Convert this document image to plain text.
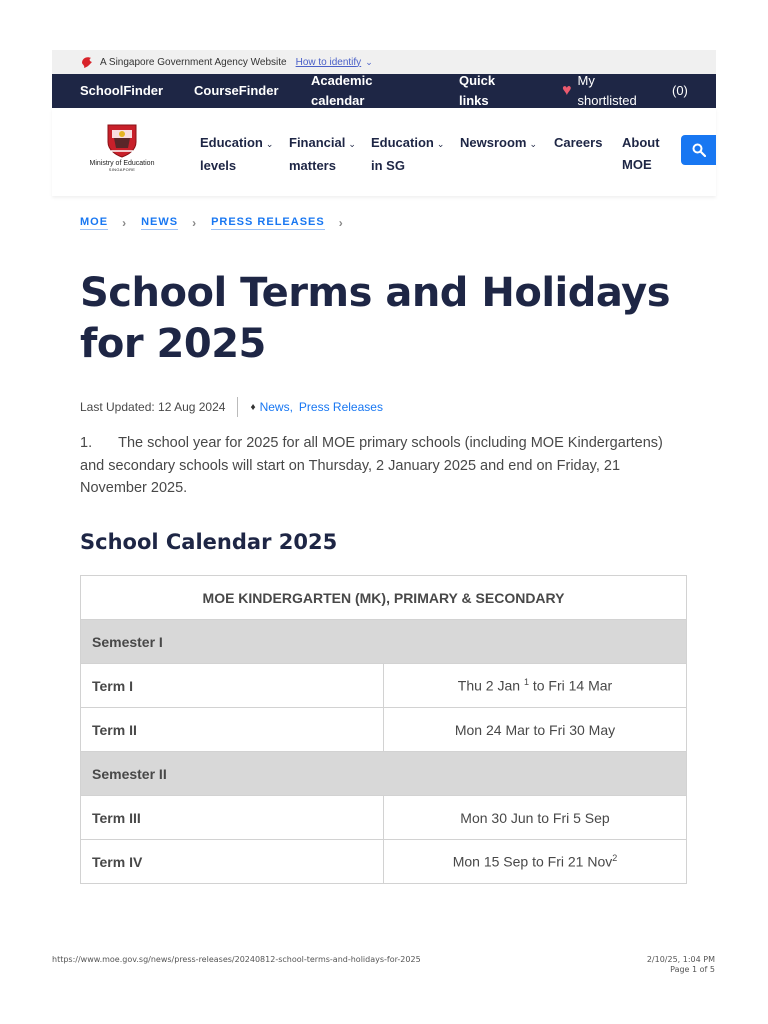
A Singapore Government Agency Website How to identify ⌄
SchoolFinder CourseFinder
Academic
calendar
Quick
links
♥
My
shortlisted
(0)
Ministry of Education
SINGAPORE
Education ⌄
levels
Financial ⌄
matters
Education ⌄
in SG
Newsroom ⌄ Careers About
MOE
MOE › NEWS › PRESS RELEASES ›
School Terms and Holidays
for 2025
Last Updated: 12 Aug 2024	♦ News, Press Releases

1. The school year for 2025 for all MOE primary schools (including MOE Kindergartens) and secondary schools will start on Thursday, 2 January 2025 and end on Friday, 21 November 2025.

School Calendar 2025
MOE KINDERGARTEN (MK), PRIMARY & SECONDARY	
Semester I	
Term I	Thu 2 Jan $^1$ to Fri 14 Mar
Term II	Mon 24 Mar to Fri 30 May
Semester II	
Term III	Mon 30 Jun to Fri 5 Sep
Term IV	Mon 15 Sep to Fri 21 Nov$^2$
https://www.moe.gov.sg/news/press-releases/20240812-school-terms-and-holidays-for-2025	2/10/25, 1:04 PM
Page 1 of 5
